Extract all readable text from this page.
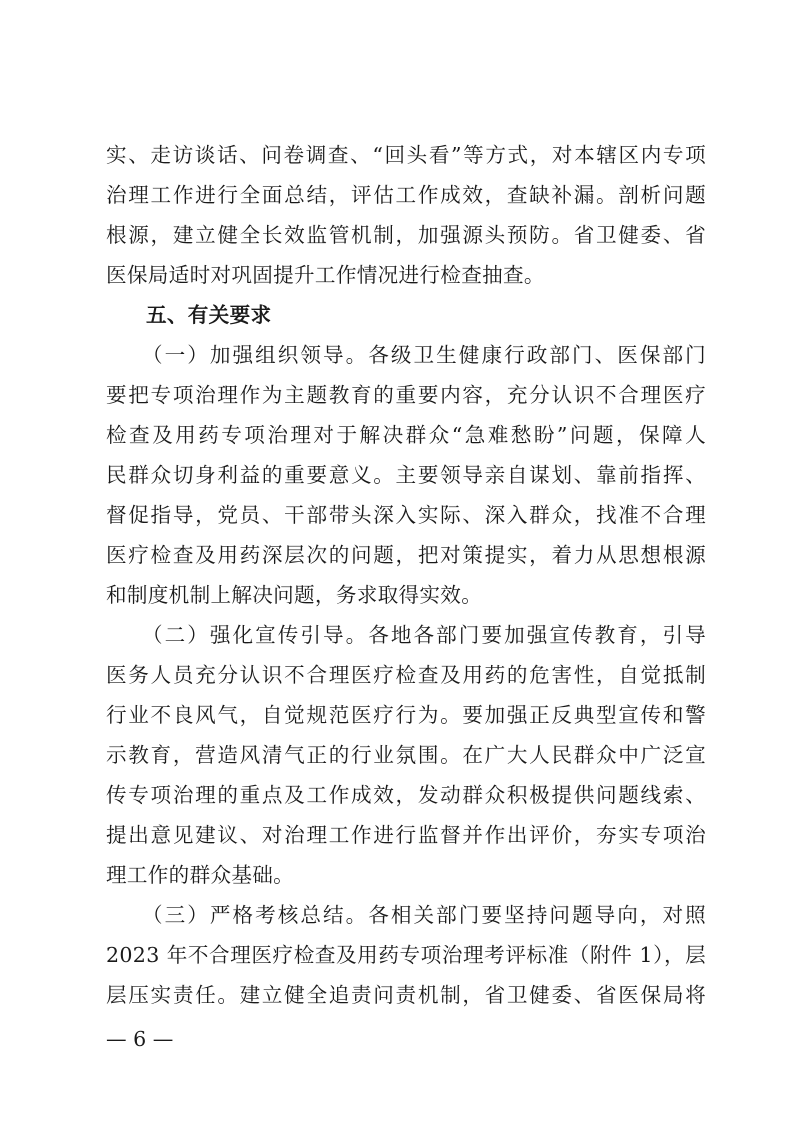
实、走访谈话、问卷调查、“回头看”等方式，对本辖区内专项
治理工作进行全面总结，评估工作成效，查缺补漏。剖析问题
根源，建立健全长效监管机制，加强源头预防。省卫健委、省
医保局适时对巩固提升工作情况进行检查抽查。
五、有关要求
（一）加强组织领导。各级卫生健康行政部门、医保部门
要把专项治理作为主题教育的重要内容，充分认识不合理医疗
检查及用药专项治理对于解决群众“急难愁盼”问题，保障人
民群众切身利益的重要意义。主要领导亲自谋划、靠前指挥、
督促指导，党员、干部带头深入实际、深入群众，找准不合理
医疗检查及用药深层次的问题，把对策提实，着力从思想根源
和制度机制上解决问题，务求取得实效。
（二）强化宣传引导。各地各部门要加强宣传教育，引导
医务人员充分认识不合理医疗检查及用药的危害性，自觉抵制
行业不良风气，自觉规范医疗行为。要加强正反典型宣传和警
示教育，营造风清气正的行业氛围。在广大人民群众中广泛宣
传专项治理的重点及工作成效，发动群众积极提供问题线索、
提出意见建议、对治理工作进行监督并作出评价，夯实专项治
理工作的群众基础。
（三）严格考核总结。各相关部门要坚持问题导向，对照
2023 年不合理医疗检查及用药专项治理考评标准（附件 1），层
层压实责任。建立健全追责问责机制，省卫健委、省医保局将
— 6 —
